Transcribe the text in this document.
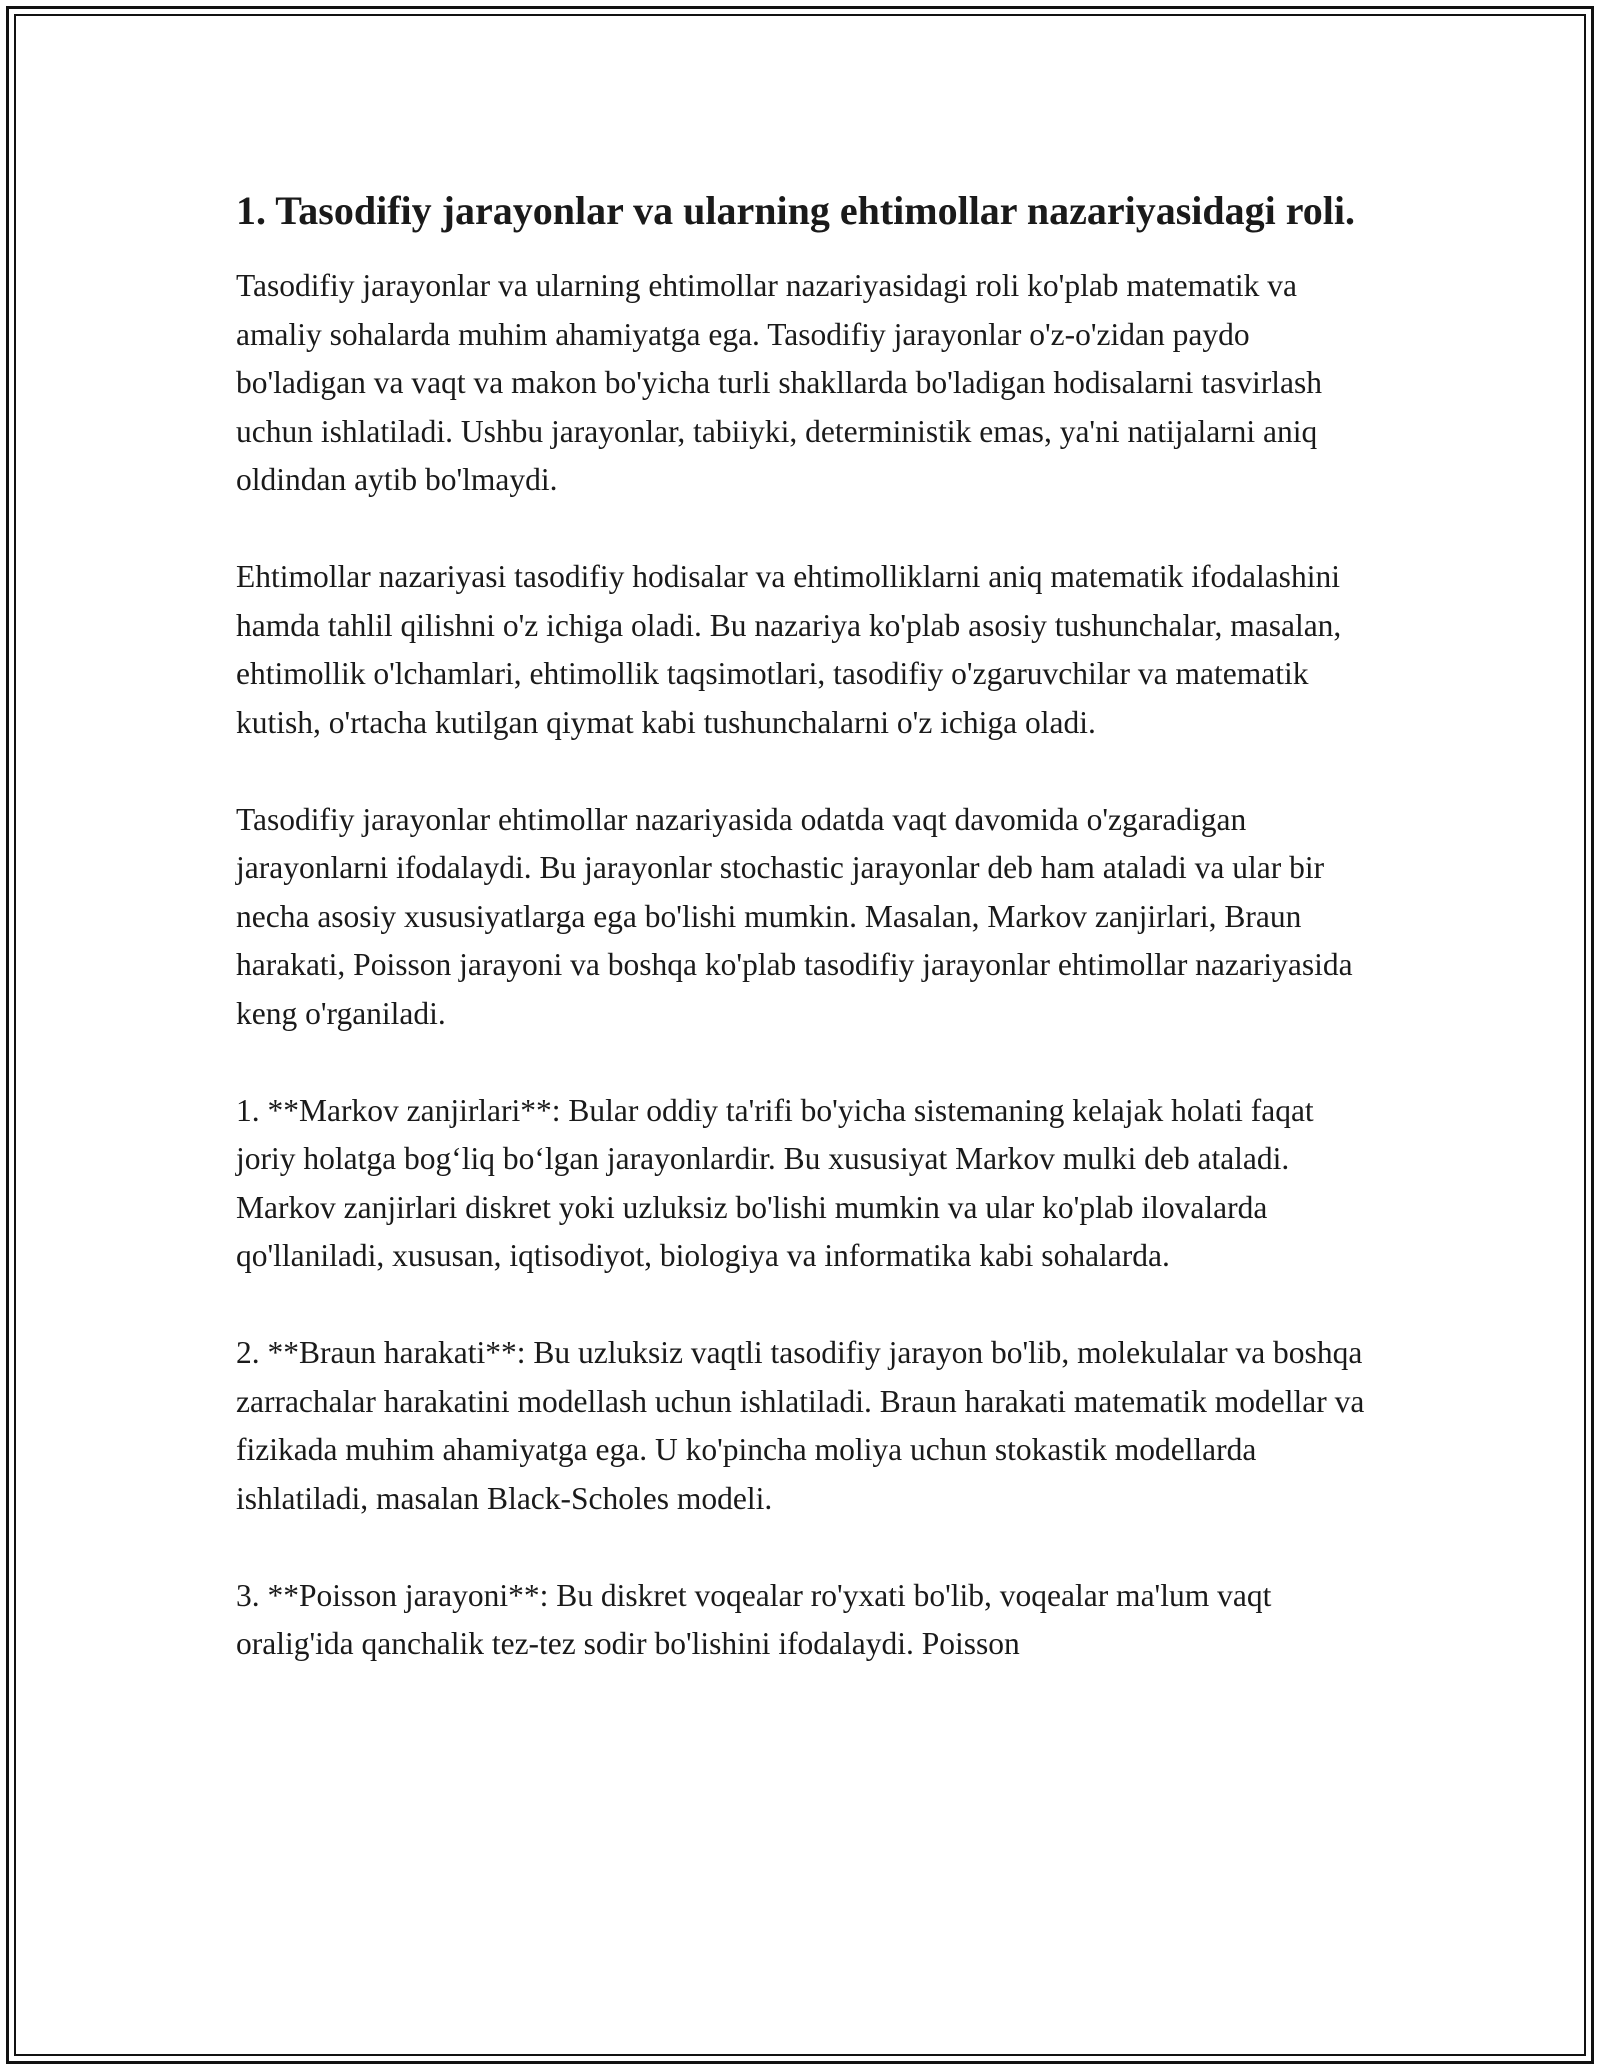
1. Tasodifiy jarayonlar va ularning ehtimollar nazariyasidagi roli.

Tasodifiy jarayonlar va ularning ehtimollar nazariyasidagi roli ko'plab matematik va amaliy sohalarda muhim ahamiyatga ega. Tasodifiy jarayonlar o'z-o'zidan paydo bo'ladigan va vaqt va makon bo'yicha turli shakllarda bo'ladigan hodisalarni tasvirlash uchun ishlatiladi. Ushbu jarayonlar, tabiiyki, deterministik emas, ya'ni natijalarni aniq oldindan aytib bo'lmaydi.

Ehtimollar nazariyasi tasodifiy hodisalar va ehtimolliklarni aniq matematik ifodalashini hamda tahlil qilishni o'z ichiga oladi. Bu nazariya ko'plab asosiy tushunchalar, masalan, ehtimollik o'lchamlari, ehtimollik taqsimotlari, tasodifiy o'zgaruvchilar va matematik kutish, o'rtacha kutilgan qiymat kabi tushunchalarni o'z ichiga oladi.

Tasodifiy jarayonlar ehtimollar nazariyasida odatda vaqt davomida o'zgaradigan jarayonlarni ifodalaydi. Bu jarayonlar stochastic jarayonlar deb ham ataladi va ular bir necha asosiy xususiyatlarga ega bo'lishi mumkin. Masalan, Markov zanjirlari, Braun harakati, Poisson jarayoni va boshqa ko'plab tasodifiy jarayonlar ehtimollar nazariyasida keng o'rganiladi.

1. **Markov zanjirlari**: Bular oddiy ta'rifi bo'yicha sistemaning kelajak holati faqat joriy holatga bog‘liq bo‘lgan jarayonlardir. Bu xususiyat Markov mulki deb ataladi. Markov zanjirlari diskret yoki uzluksiz bo'lishi mumkin va ular ko'plab ilovalarda qo'llaniladi, xususan, iqtisodiyot, biologiya va informatika kabi sohalarda.

2. **Braun harakati**: Bu uzluksiz vaqtli tasodifiy jarayon bo'lib, molekulalar va boshqa zarrachalar harakatini modellash uchun ishlatiladi. Braun harakati matematik modellar va fizikada muhim ahamiyatga ega. U ko'pincha moliya uchun stokastik modellarda ishlatiladi, masalan Black-Scholes modeli.

3. **Poisson jarayoni**: Bu diskret voqealar ro'yxati bo'lib, voqealar ma'lum vaqt oralig'ida qanchalik tez-tez sodir bo'lishini ifodalaydi. Poisson
